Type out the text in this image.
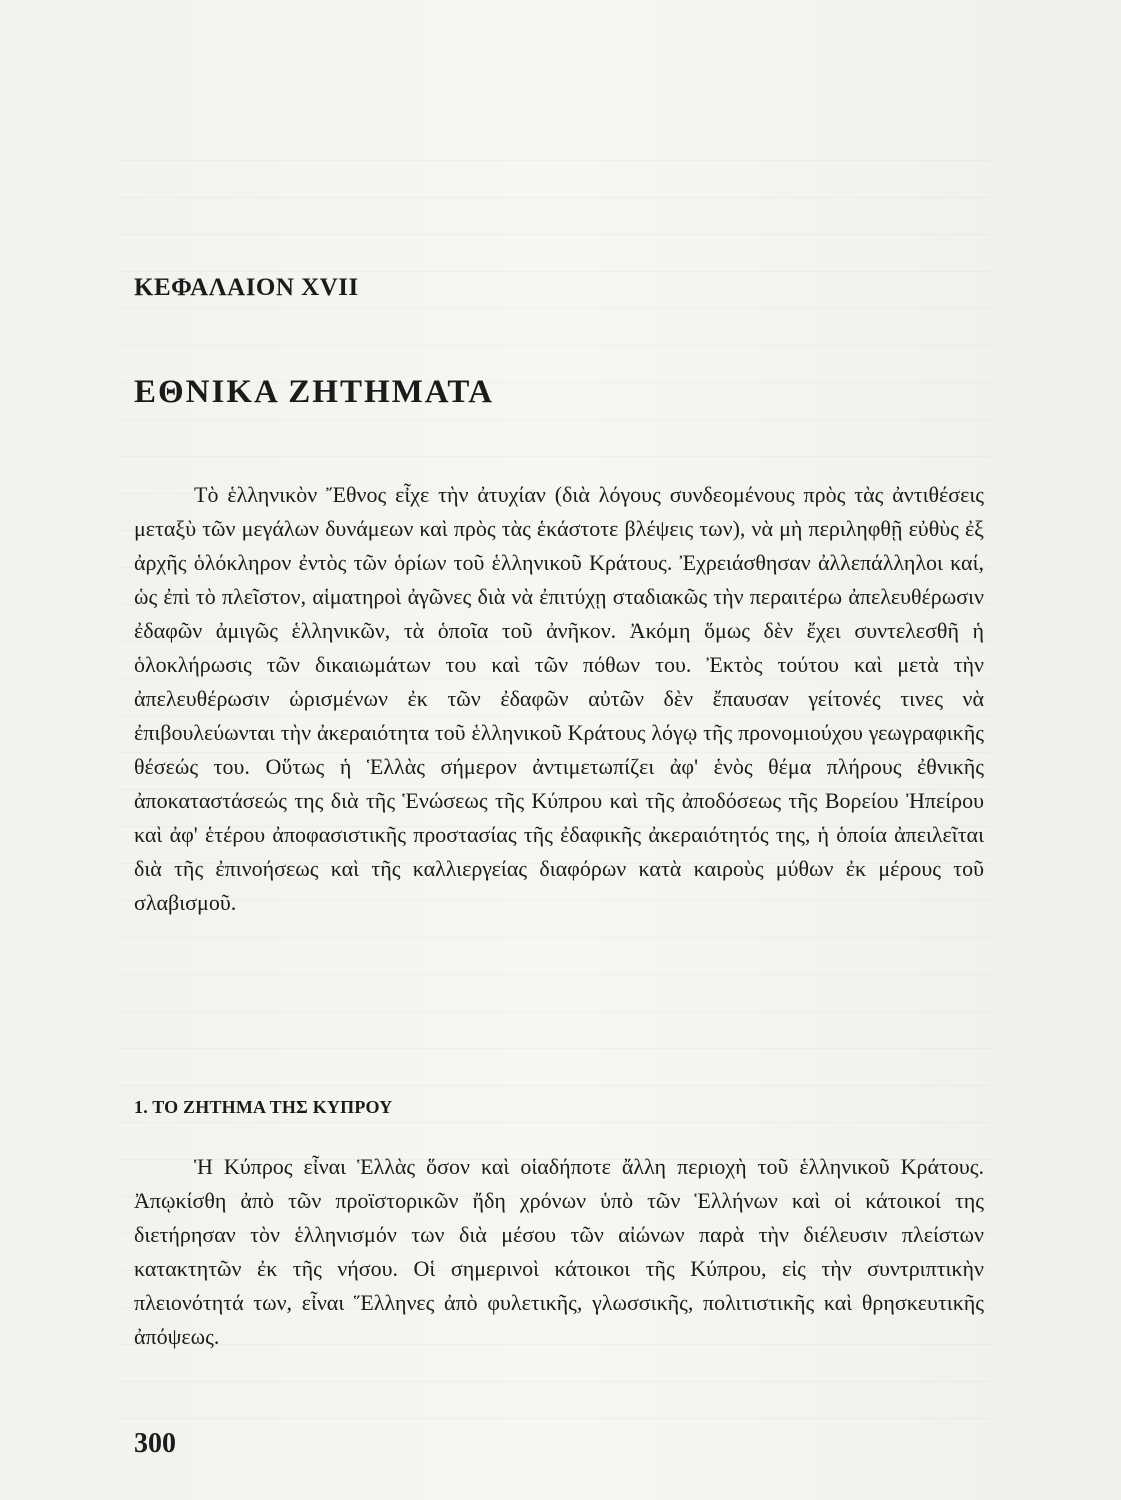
ΚΕΦΑΛΑΙΟΝ XVII
ΕΘΝΙΚΑ ΖΗΤΗΜΑΤΑ

Τὸ ἑλληνικὸν Ἔθνος εἶχε τὴν ἀτυχίαν (διὰ λόγους συνδεομένους πρὸς τὰς ἀντιθέσεις μεταξὺ τῶν μεγάλων δυνάμεων καὶ πρὸς τὰς ἑκάστοτε βλέψεις των), νὰ μὴ περιληφθῇ εὐθὺς ἐξ ἀρχῆς ὁλόκληρον ἐντὸς τῶν ὁρίων τοῦ ἑλληνικοῦ Κράτους. Ἐχρειάσθησαν ἀλλεπάλληλοι καί, ὡς ἐπὶ τὸ πλεῖστον, αἱματηροὶ ἀγῶνες διὰ νὰ ἐπιτύχῃ σταδιακῶς τὴν περαιτέρω ἀπελευθέρωσιν ἐδαφῶν ἀμιγῶς ἑλληνικῶν, τὰ ὁποῖα τοῦ ἀνῆκον. Ἀκόμη ὅμως δὲν ἔχει συντελεσθῆ ἡ ὁλοκλήρωσις τῶν δικαιωμάτων του καὶ τῶν πόθων του. Ἐκτὸς τούτου καὶ μετὰ τὴν ἀπελευθέρωσιν ὡρισμένων ἐκ τῶν ἐδαφῶν αὐτῶν δὲν ἔπαυσαν γείτονές τινες νὰ ἐπιβουλεύωνται τὴν ἀκεραιότητα τοῦ ἑλληνικοῦ Κράτους λόγῳ τῆς προνομιούχου γεωγραφικῆς θέσεώς του. Οὕτως ἡ Ἑλλὰς σήμερον ἀντιμετωπίζει ἀφ' ἑνὸς θέμα πλήρους ἐθνικῆς ἀποκαταστάσεώς της διὰ τῆς Ἑνώσεως τῆς Κύπρου καὶ τῆς ἀποδόσεως τῆς Βορείου Ἠπείρου καὶ ἀφ' ἑτέρου ἀποφασιστικῆς προστασίας τῆς ἐδαφικῆς ἀκεραιότητός της, ἡ ὁποία ἀπειλεῖται διὰ τῆς ἐπινοήσεως καὶ τῆς καλλιεργείας διαφόρων κατὰ καιροὺς μύθων ἐκ μέρους τοῦ σλαβισμοῦ.

1. ΤΟ ΖΗΤΗΜΑ ΤΗΣ ΚΥΠΡΟΥ

Ἡ Κύπρος εἶναι Ἑλλὰς ὅσον καὶ οἱαδήποτε ἄλλη περιοχὴ τοῦ ἑλληνικοῦ Κράτους. Ἀπῳκίσθη ἀπὸ τῶν προϊστορικῶν ἤδη χρόνων ὑπὸ τῶν Ἑλλήνων καὶ οἱ κάτοικοί της διετήρησαν τὸν ἑλληνισμόν των διὰ μέσου τῶν αἰώνων παρὰ τὴν διέλευσιν πλείστων κατακτητῶν ἐκ τῆς νήσου. Οἱ σημερινοὶ κάτοικοι τῆς Κύπρου, εἰς τὴν συντριπτικὴν πλειονότητά των, εἶναι Ἕλληνες ἀπὸ φυλετικῆς, γλωσσικῆς, πολιτιστικῆς καὶ θρησκευτικῆς ἀπόψεως.

300
